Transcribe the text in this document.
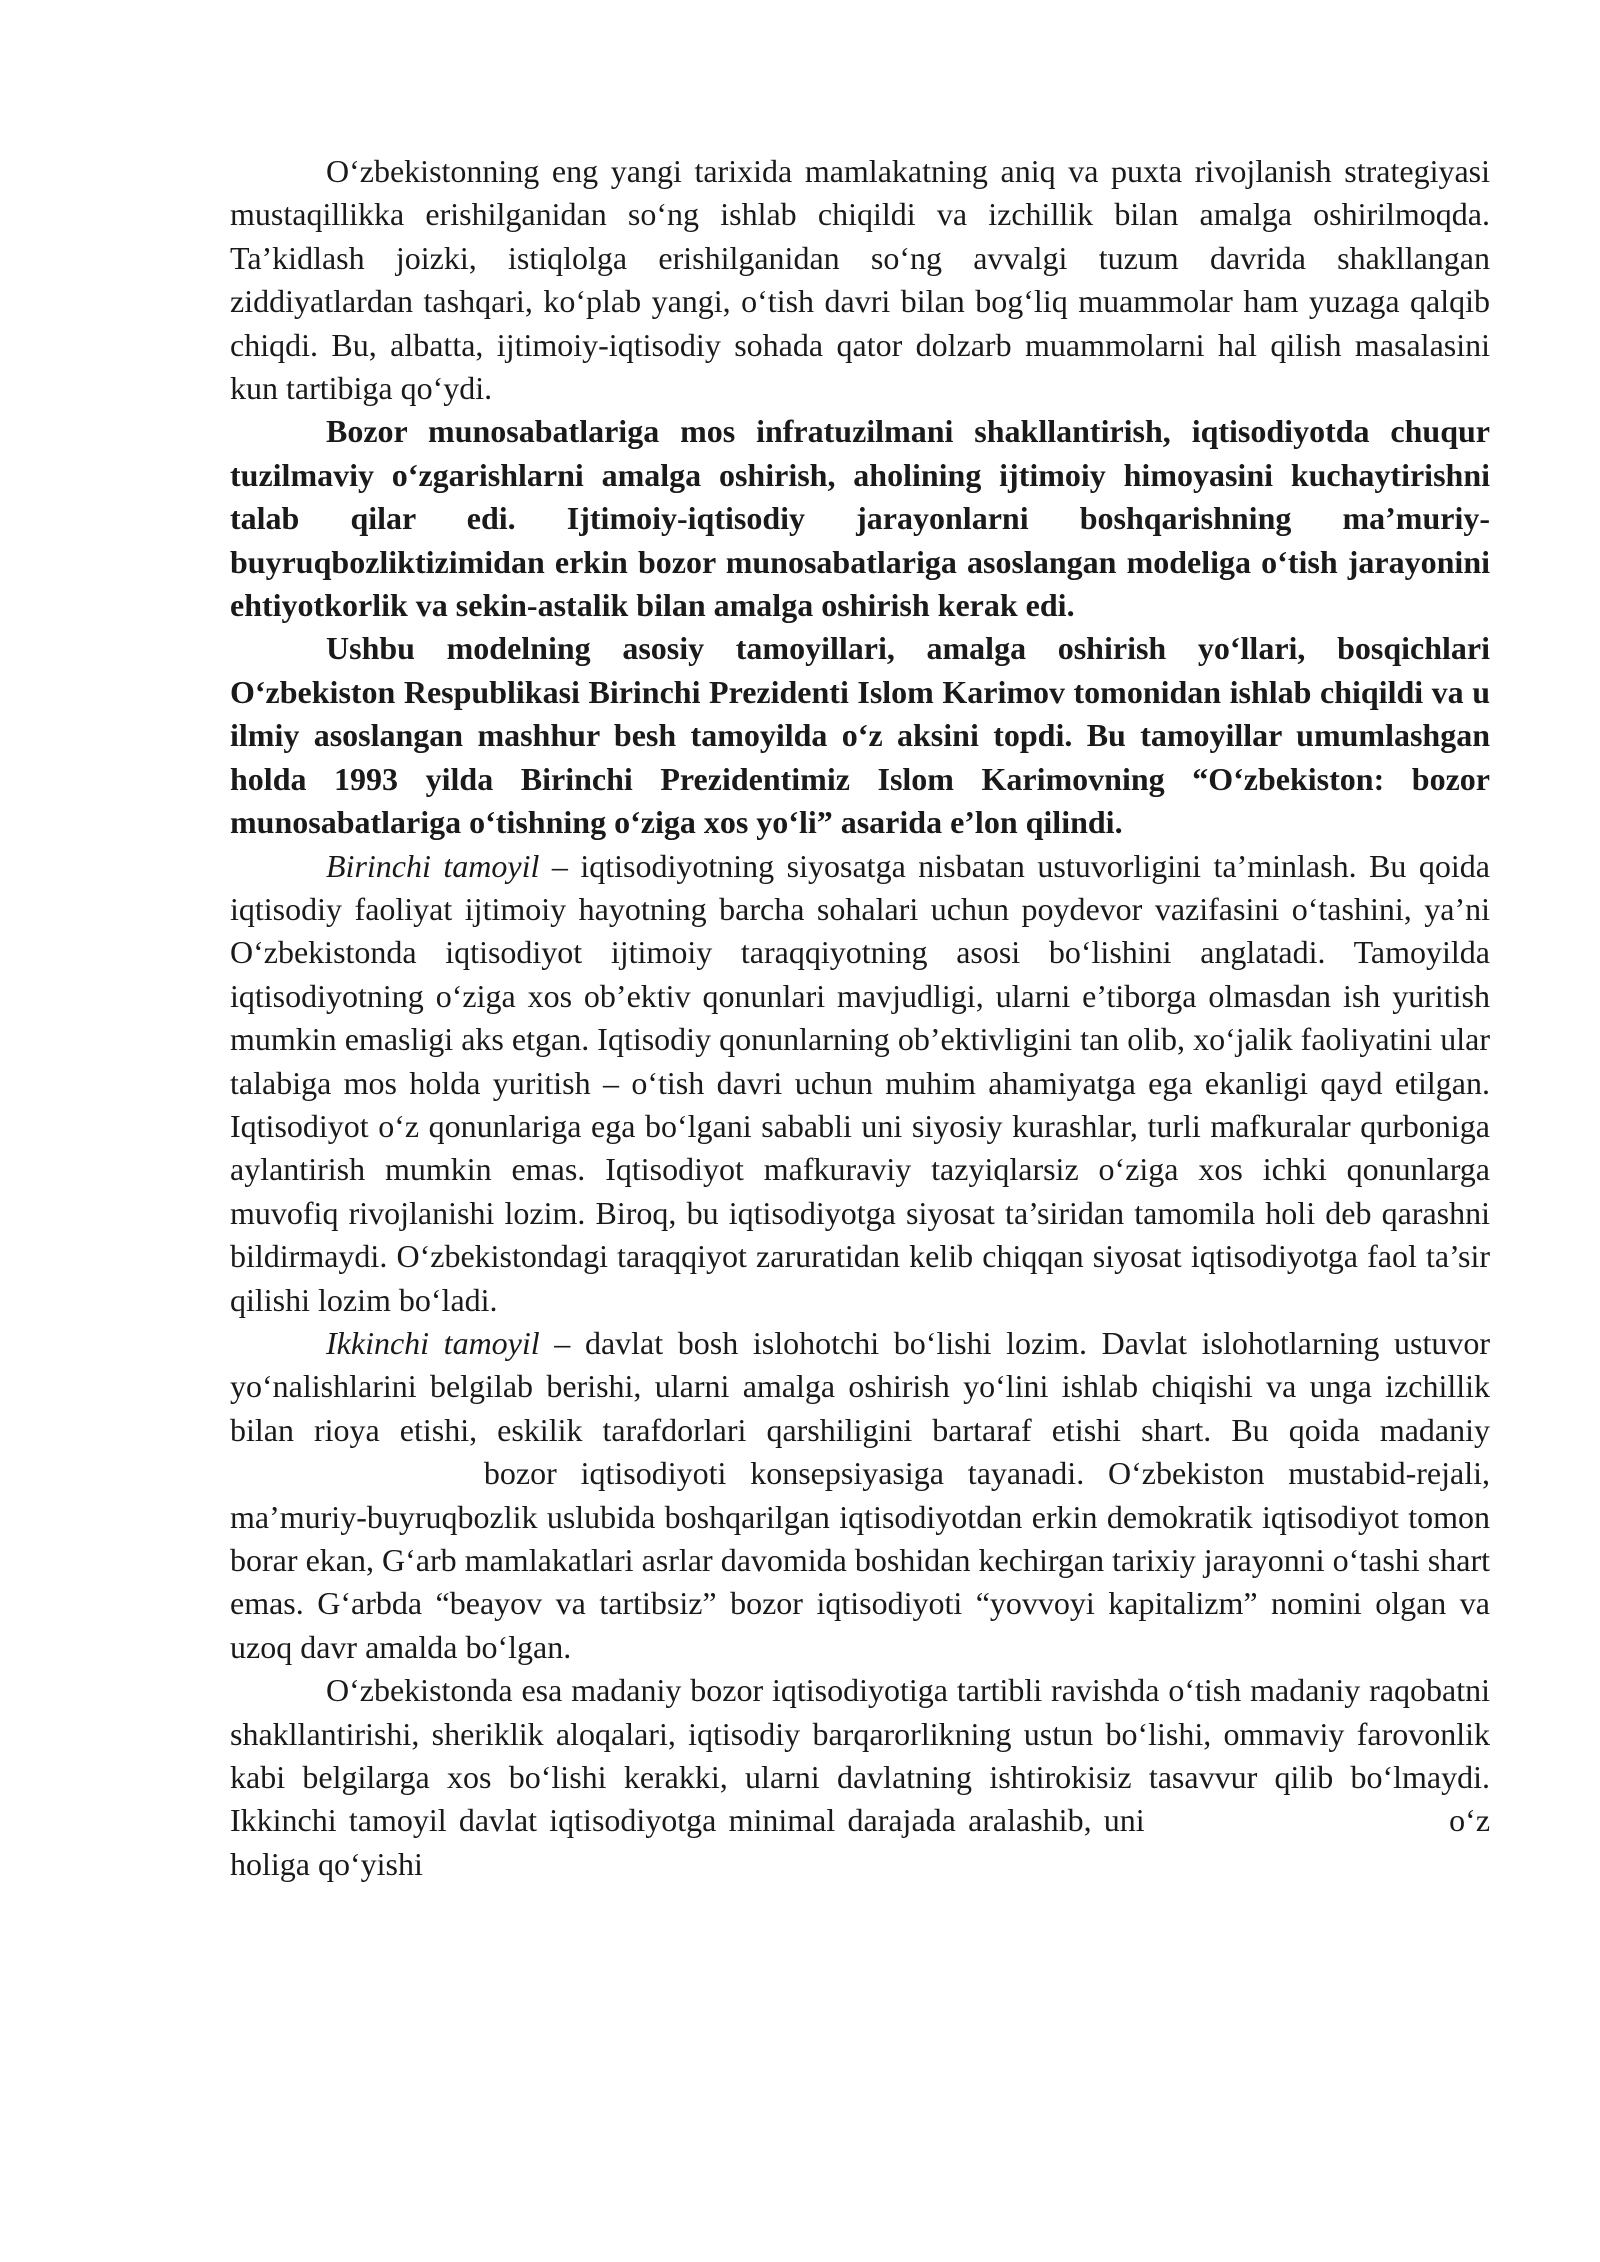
O‘zbekistonning eng yangi tarixida mamlakatning aniq va puxta rivojlanish strategiyasi mustaqillikka erishilganidan so‘ng ishlab chiqildi va izchillik bilan amalga oshirilmoqda. Ta’kidlash joizki, istiqlolga erishilganidan so‘ng avvalgi tuzum davrida shakllangan ziddiyatlardan tashqari, ko‘plab yangi, o‘tish davri bilan bog‘liq muammolar ham yuzaga qalqib chiqdi. Bu, albatta, ijtimoiy-iqtisodiy sohada qator dolzarb muammolarni hal qilish masalasini kun tartibiga qo‘ydi.

Bozor munosabatlariga mos infratuzilmani shakllantirish, iqtisodiyotda chuqur tuzilmaviy o‘zgarishlarni amalga oshirish, aholining ijtimoiy himoyasini kuchaytirishni talab qilar edi. Ijtimoiy-iqtisodiy jarayonlarni boshqarishning ma’muriy-buyruqbozliktizimidan erkin bozor munosabatlariga asoslangan modeliga o‘tish jarayonini ehtiyotkorlik va sekin-astalik bilan amalga oshirish kerak edi.

Ushbu modelning asosiy tamoyillari, amalga oshirish yo‘llari, bosqichlari O‘zbekiston Respublikasi Birinchi Prezidenti Islom Karimov tomonidan ishlab chiqildi va u ilmiy asoslangan mashhur besh tamoyilda o‘z aksini topdi. Bu tamoyillar umumlashgan holda 1993 yilda Birinchi Prezidentimiz Islom Karimovning “O‘zbekiston: bozor munosabatlariga o‘tishning o‘ziga xos yo‘li” asarida e’lon qilindi.

Birinchi tamoyil – iqtisodiyotning siyosatga nisbatan ustuvorligini ta’minlash. Bu qoida iqtisodiy faoliyat ijtimoiy hayotning barcha sohalari uchun poydevor vazifasini o‘tashini, ya’ni O‘zbekistonda iqtisodiyot ijtimoiy taraqqiyotning asosi bo‘lishini anglatadi. Tamoyilda iqtisodiyotning o‘ziga xos ob’ektiv qonunlari mavjudligi, ularni e’tiborga olmasdan ish yuritish mumkin emasligi aks etgan. Iqtisodiy qonunlarning ob’ektivligini tan olib, xo‘jalik faoliyatini ular talabiga mos holda yuritish – o‘tish davri uchun muhim ahamiyatga ega ekanligi qayd etilgan. Iqtisodiyot o‘z qonunlariga ega bo‘lgani sababli uni siyosiy kurashlar, turli mafkuralar qurboniga aylantirish mumkin emas. Iqtisodiyot mafkuraviy tazyiqlarsiz o‘ziga xos ichki qonunlarga muvofiq rivojlanishi lozim. Biroq, bu iqtisodiyotga siyosat ta’siridan tamomila holi deb qarashni bildirmaydi. O‘zbekistondagi taraqqiyot zaruratidan kelib chiqqan siyosat iqtisodiyotga faol ta’sir qilishi lozim bo‘ladi.

Ikkinchi tamoyil – davlat bosh islohotchi bo‘lishi lozim. Davlat islohotlarning ustuvor yo‘nalishlarini belgilab berishi, ularni amalga oshirish yo‘lini ishlab chiqishi va unga izchillik bilan rioya etishi, eskilik tarafdorlari qarshiligini bartaraf etishi shart. Bu qoida madaniy  bozor iqtisodiyoti konsepsiyasiga tayanadi. O‘zbekiston mustabid-rejali, ma’muriy-buyruqbozlik uslubida boshqarilgan iqtisodiyotdan erkin demokratik iqtisodiyot tomon borar ekan, G‘arb mamlakatlari asrlar davomida boshidan kechirgan tarixiy jarayonni o‘tashi shart emas. G‘arbda “beayov va tartibsiz” bozor iqtisodiyoti “yovvoyi kapitalizm” nomini olgan va uzoq davr amalda bo‘lgan.

O‘zbekistonda esa madaniy bozor iqtisodiyotiga tartibli ravishda o‘tish madaniy raqobatni shakllantirishi, sheriklik aloqalari, iqtisodiy barqarorlikning ustun bo‘lishi, ommaviy farovonlik kabi belgilarga xos bo‘lishi kerakki, ularni davlatning ishtirokisiz tasavvur qilib bo‘lmaydi. Ikkinchi tamoyil davlat iqtisodiyotga minimal darajada aralashib, uni	o‘z holiga qo‘yishi
